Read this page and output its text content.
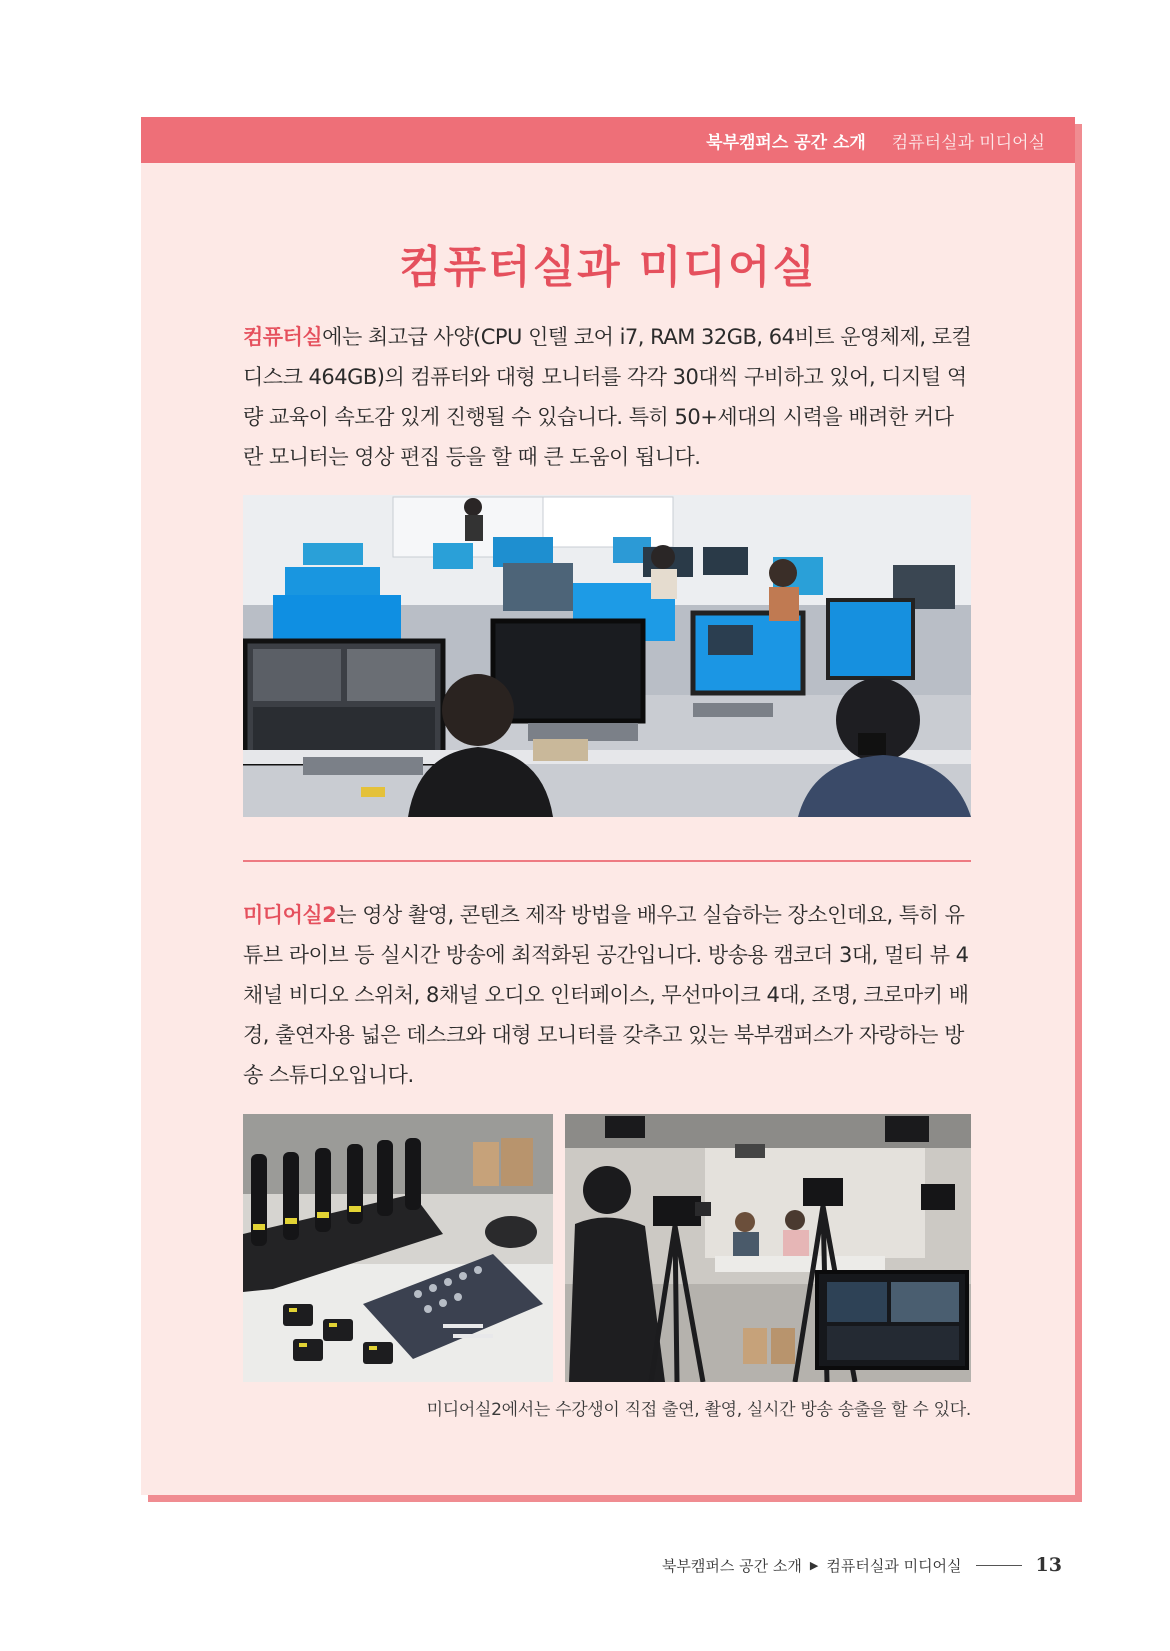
북부캠퍼스 공간 소개 컴퓨터실과 미디어실
컴퓨터실과 미디어실

컴퓨터실에는 최고급 사양(CPU 인텔 코어 i7, RAM 32GB, 64비트 운영체제, 로컬 디스크 464GB)의 컴퓨터와 대형 모니터를 각각 30대씩 구비하고 있어, 디지털 역량 교육이 속도감 있게 진행될 수 있습니다. 특히 50+세대의 시력을 배려한 커다란 모니터는 영상 편집 등을 할 때 큰 도움이 됩니다.

미디어실2는 영상 촬영, 콘텐츠 제작 방법을 배우고 실습하는 장소인데요, 특히 유튜브 라이브 등 실시간 방송에 최적화된 공간입니다. 방송용 캠코더 3대, 멀티 뷰 4채널 비디오 스위처, 8채널 오디오 인터페이스, 무선마이크 4대, 조명, 크로마키 배경, 출연자용 넓은 데스크와 대형 모니터를 갖추고 있는 북부캠퍼스가 자랑하는 방송 스튜디오입니다.

미디어실2에서는 수강생이 직접 출연, 촬영, 실시간 방송 송출을 할 수 있다.
북부캠퍼스 공간 소개 ▶ 컴퓨터실과 미디어실	13
